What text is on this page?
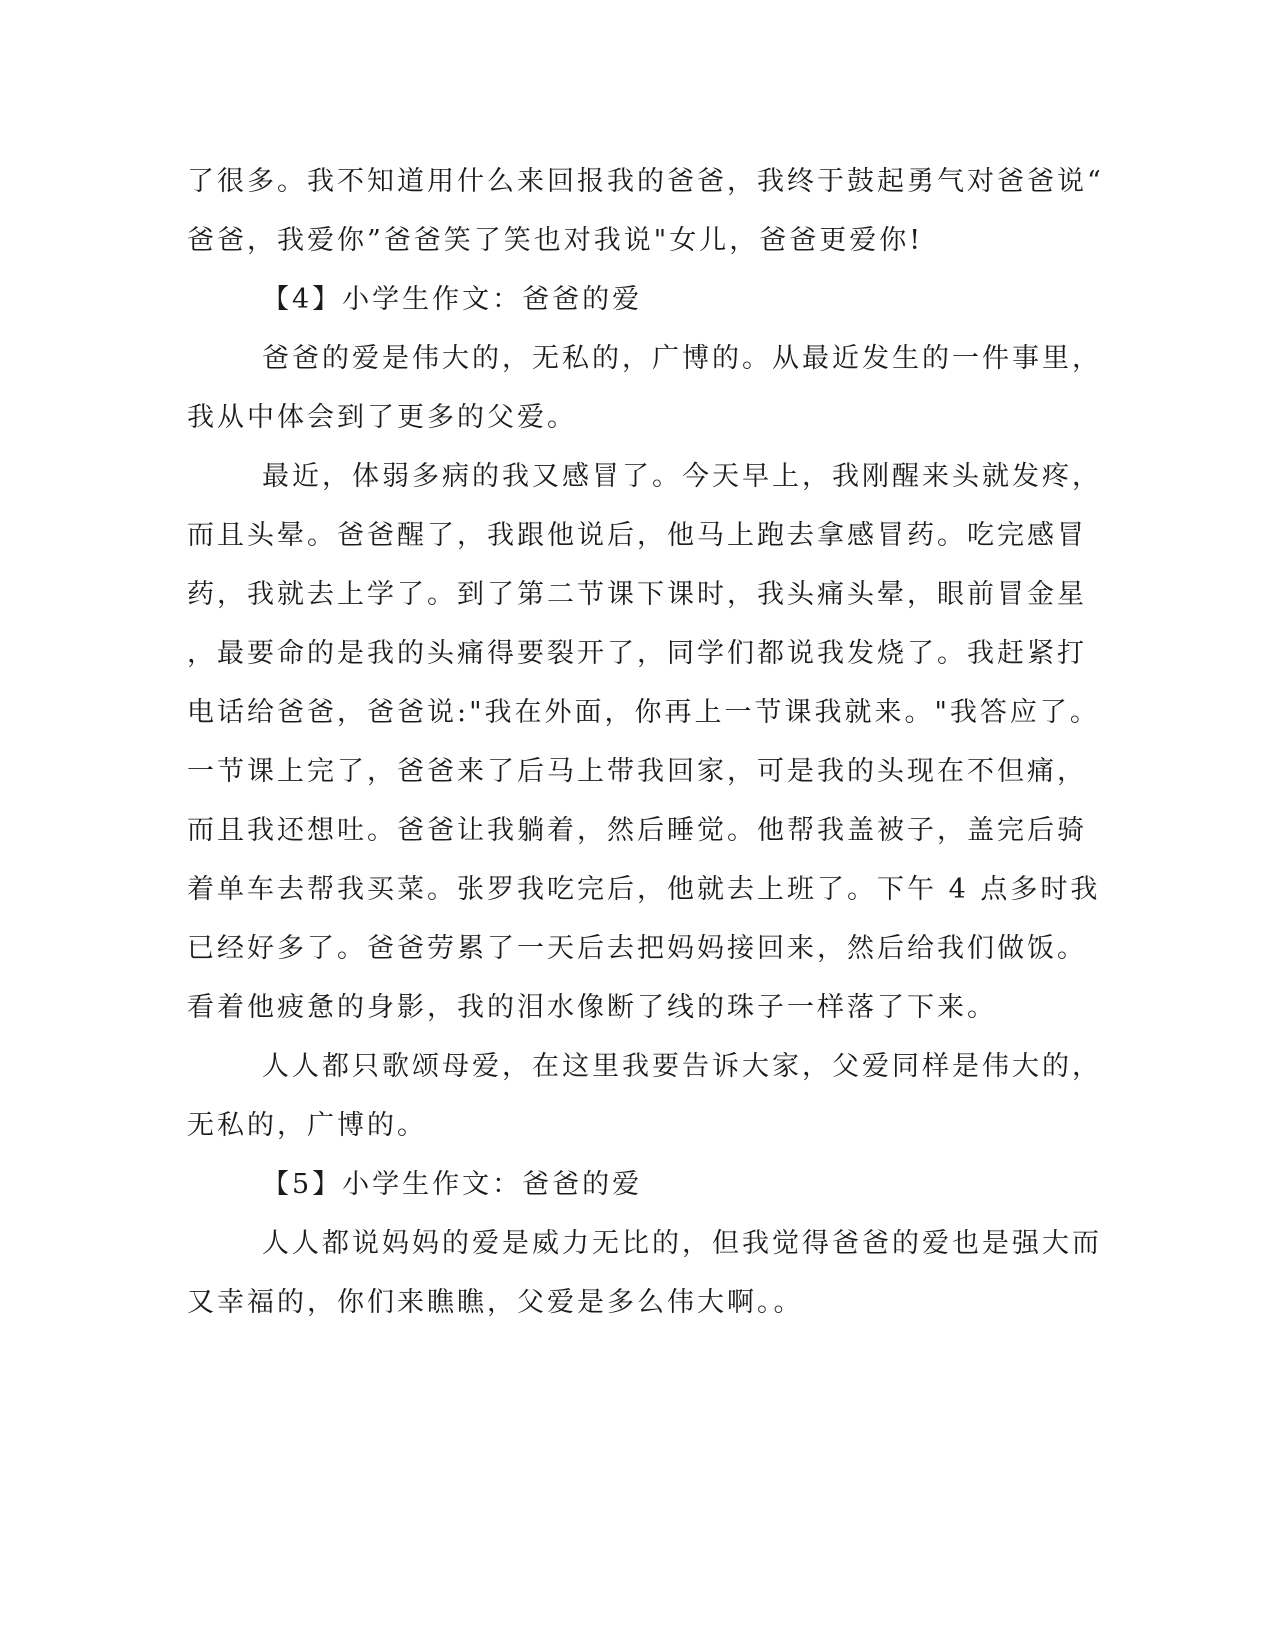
了很多。我不知道用什么来回报我的爸爸，我终于鼓起勇气对爸爸说“
爸爸，我爱你”爸爸笑了笑也对我说"女儿，爸爸更爱你!
【4】小学生作文：爸爸的爱
爸爸的爱是伟大的，无私的，广博的。从最近发生的一件事里，
我从中体会到了更多的父爱。
最近，体弱多病的我又感冒了。今天早上，我刚醒来头就发疼，
而且头晕。爸爸醒了，我跟他说后，他马上跑去拿感冒药。吃完感冒
药，我就去上学了。到了第二节课下课时，我头痛头晕，眼前冒金星
，最要命的是我的头痛得要裂开了，同学们都说我发烧了。我赶紧打
电话给爸爸，爸爸说:"我在外面，你再上一节课我就来。"我答应了。
一节课上完了，爸爸来了后马上带我回家，可是我的头现在不但痛，
而且我还想吐。爸爸让我躺着，然后睡觉。他帮我盖被子，盖完后骑
着单车去帮我买菜。张罗我吃完后，他就去上班了。下午 4 点多时我
已经好多了。爸爸劳累了一天后去把妈妈接回来，然后给我们做饭。
看着他疲惫的身影，我的泪水像断了线的珠子一样落了下来。
人人都只歌颂母爱，在这里我要告诉大家，父爱同样是伟大的，
无私的，广博的。
【5】小学生作文：爸爸的爱
人人都说妈妈的爱是威力无比的，但我觉得爸爸的爱也是强大而
又幸福的，你们来瞧瞧，父爱是多么伟大啊。。
